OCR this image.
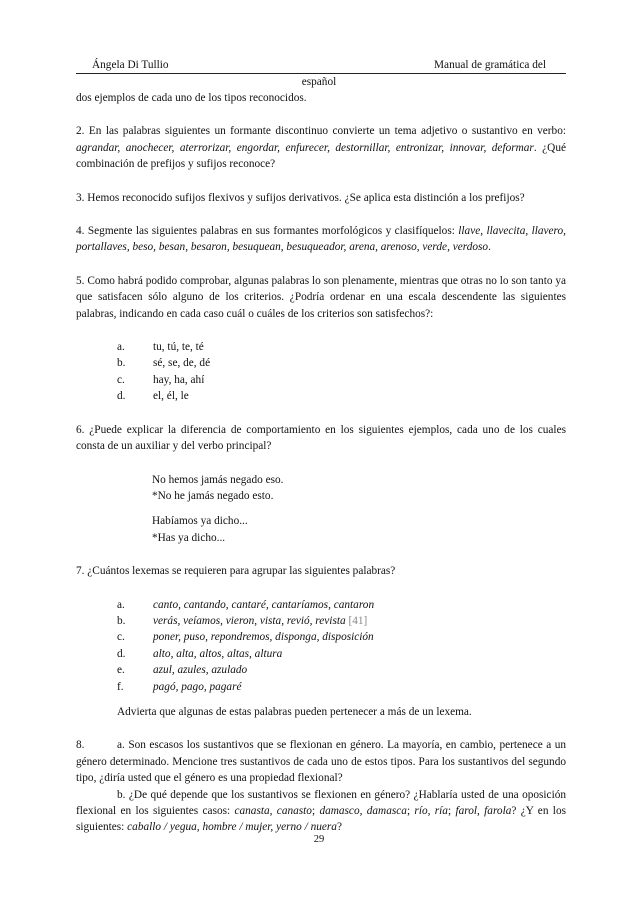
Ángela Di Tullio	Manual de gramática del
español

dos ejemplos de cada uno de los tipos reconocidos.

2. En las palabras siguientes un formante discontinuo convierte un tema adjetivo o sustantivo en verbo: agrandar, anochecer, aterrorizar, engordar, enfurecer, destornillar, entronizar, innovar, deformar. ¿Qué combinación de prefijos y sufijos reconoce?

3. Hemos reconocido sufijos flexivos y sufijos derivativos. ¿Se aplica esta distinción a los prefijos?

4. Segmente las siguientes palabras en sus formantes morfológicos y clasifíquelos: llave, llavecita, llavero, portallaves, beso, besan, besaron, besuquean, besuqueador, arena, arenoso, verde, verdoso.

5. Como habrá podido comprobar, algunas palabras lo son plenamente, mientras que otras no lo son tanto ya que satisfacen sólo alguno de los criterios. ¿Podría ordenar en una escala descendente las siguientes palabras, indicando en cada caso cuál o cuáles de los criterios son satisfechos?:

a.	tu, tú, te, té
b.	sé, se, de, dé
c.	hay, ha, ahí
d.	el, él, le

6. ¿Puede explicar la diferencia de comportamiento en los siguientes ejemplos, cada uno de los cuales consta de un auxiliar y del verbo principal?

No hemos jamás negado eso.

*No he jamás negado esto.

Habíamos ya dicho...

*Has ya dicho...

7. ¿Cuántos lexemas se requieren para agrupar las siguientes palabras?

a.	canto, cantando, cantaré, cantaríamos, cantaron
b.	verás, veíamos, vieron, vista, revió, revista
[41]
c.	poner, puso, repondremos, disponga, disposición
d.	alto, alta, altos, altas, altura
e.	azul, azules, azulado
f.	pagó, pago, pagaré

Advierta que algunas de estas palabras pueden pertenecer a más de un lexema.

8.	a. Son escasos los sustantivos que se flexionan en género. La mayoría, en cambio, pertenece a un género determinado. Mencione tres sustantivos de cada uno de estos tipos. Para los sustantivos del segundo tipo, ¿diría usted que el género es una propiedad flexional?

b. ¿De qué depende que los sustantivos se flexionen en género? ¿Hablaría usted de una oposición flexional en los siguientes casos: canasta, canasto; damasco, damasca; río, ría; farol, farola? ¿Y en los siguientes: caballo / yegua, hombre / mujer, yerno / nuera?

29
